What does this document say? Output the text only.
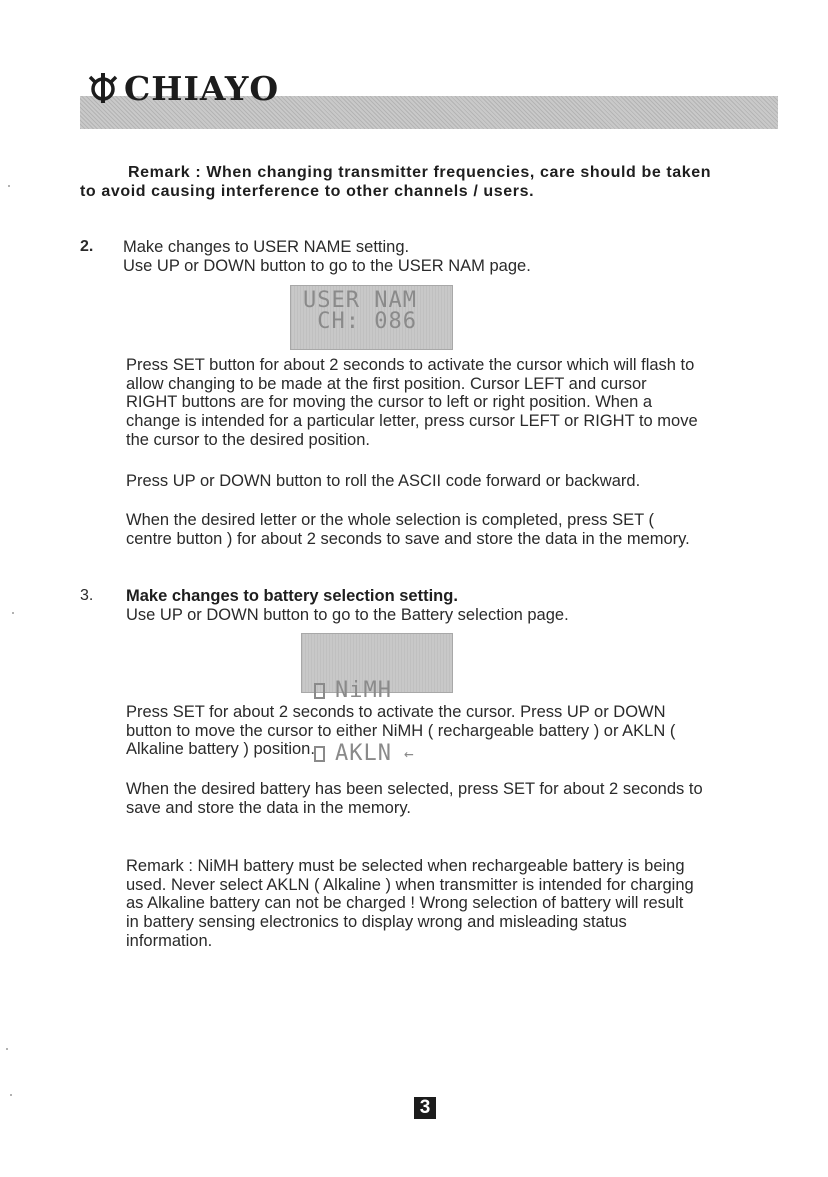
CHIAYO
Remark : When changing transmitter frequencies, care should be taken
to avoid causing interference to other channels / users.
2. Make changes to USER NAME setting.
Use UP or DOWN button to go to the USER NAM page.
USER NAM
CH: 086
Press SET button for about 2 seconds to activate the cursor which will flash to
allow changing to be made at the first position. Cursor LEFT and cursor
RIGHT buttons are for moving the cursor to left or right position. When a
change is intended for a particular letter, press cursor LEFT or RIGHT to move
the cursor to the desired position.
Press UP or DOWN button to roll the ASCII code forward or backward.
When the desired letter or the whole selection is completed, press SET (
centre button ) for about 2 seconds to save and store the data in the memory.
3. Make changes to battery selection setting.
Use UP or DOWN button to go to the Battery selection page.

NiMH

AKLN ←

Press SET for about 2 seconds to activate the cursor. Press UP or DOWN
button to move the cursor to either NiMH ( rechargeable battery ) or AKLN (
Alkaline battery ) position.
When the desired battery has been selected, press SET for about 2 seconds to
save and store the data in the memory.
Remark : NiMH battery must be selected when rechargeable battery is being
used. Never select AKLN ( Alkaline ) when transmitter is intended for charging
as Alkaline battery can not be charged ! Wrong selection of battery will result
in battery sensing electronics to display wrong and misleading status
information.
3
